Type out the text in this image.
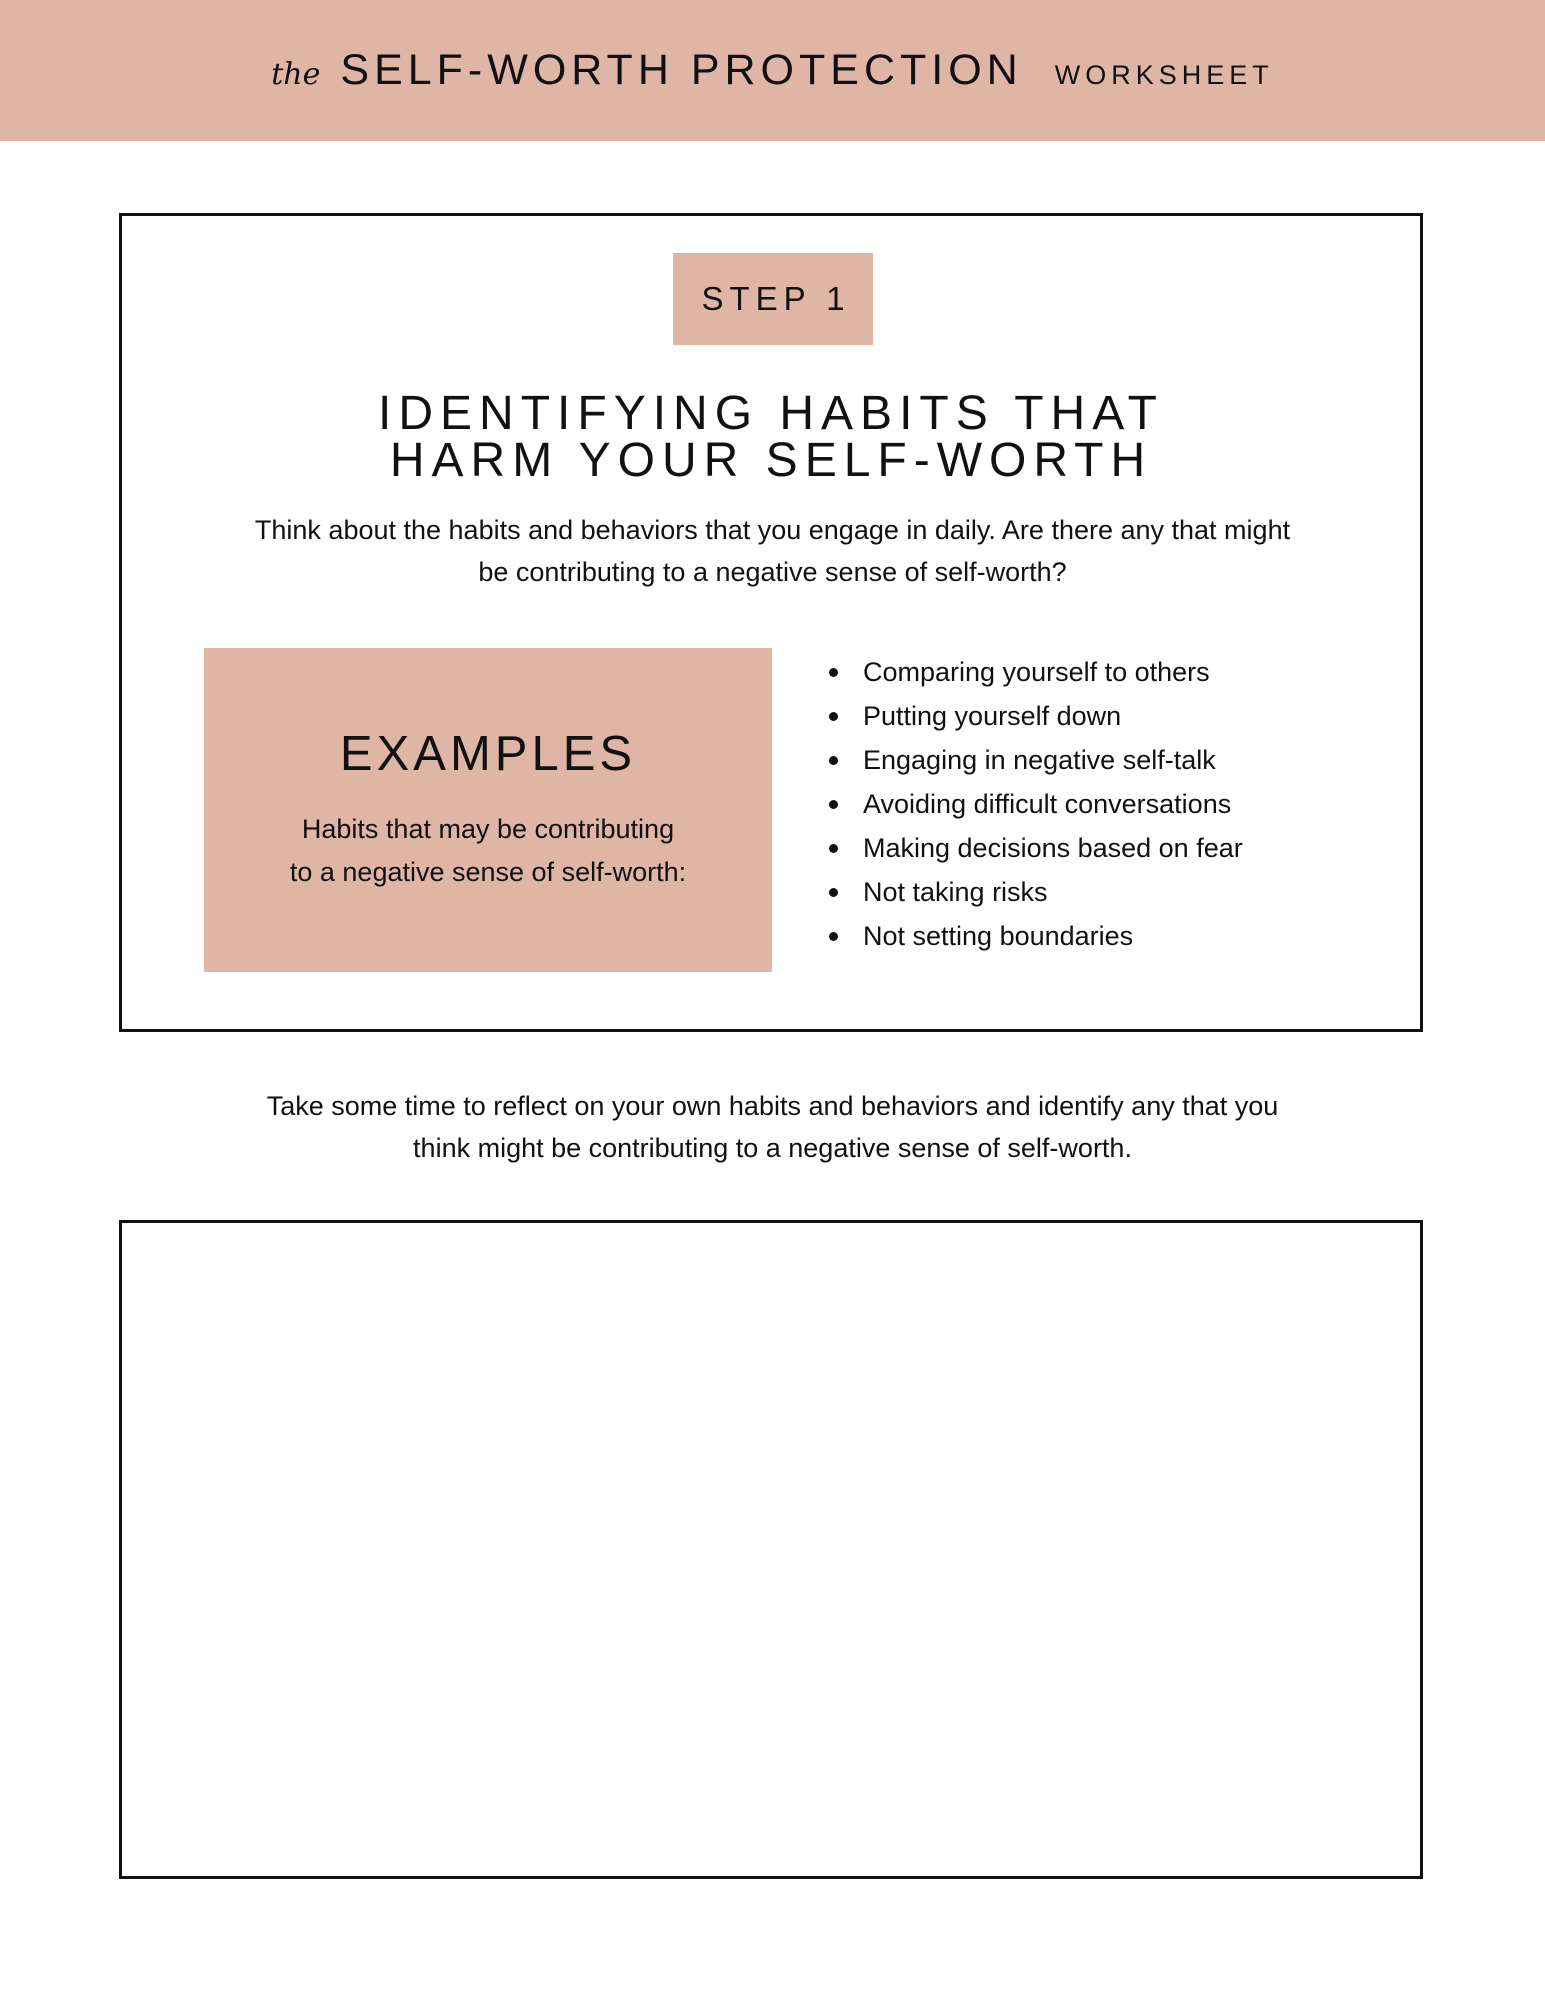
the SELF-WORTH PROTECTION WORKSHEET
STEP 1
IDENTIFYING HABITS THAT
HARM YOUR SELF-WORTH
Think about the habits and behaviors that you engage in daily. Are there any that might
be contributing to a negative sense of self-worth?
EXAMPLES
Habits that may be contributing
to a negative sense of self-worth:
Comparing yourself to others
Putting yourself down
Engaging in negative self-talk
Avoiding difficult conversations
Making decisions based on fear
Not taking risks
Not setting boundaries
Take some time to reflect on your own habits and behaviors and identify any that you
think might be contributing to a negative sense of self-worth.
